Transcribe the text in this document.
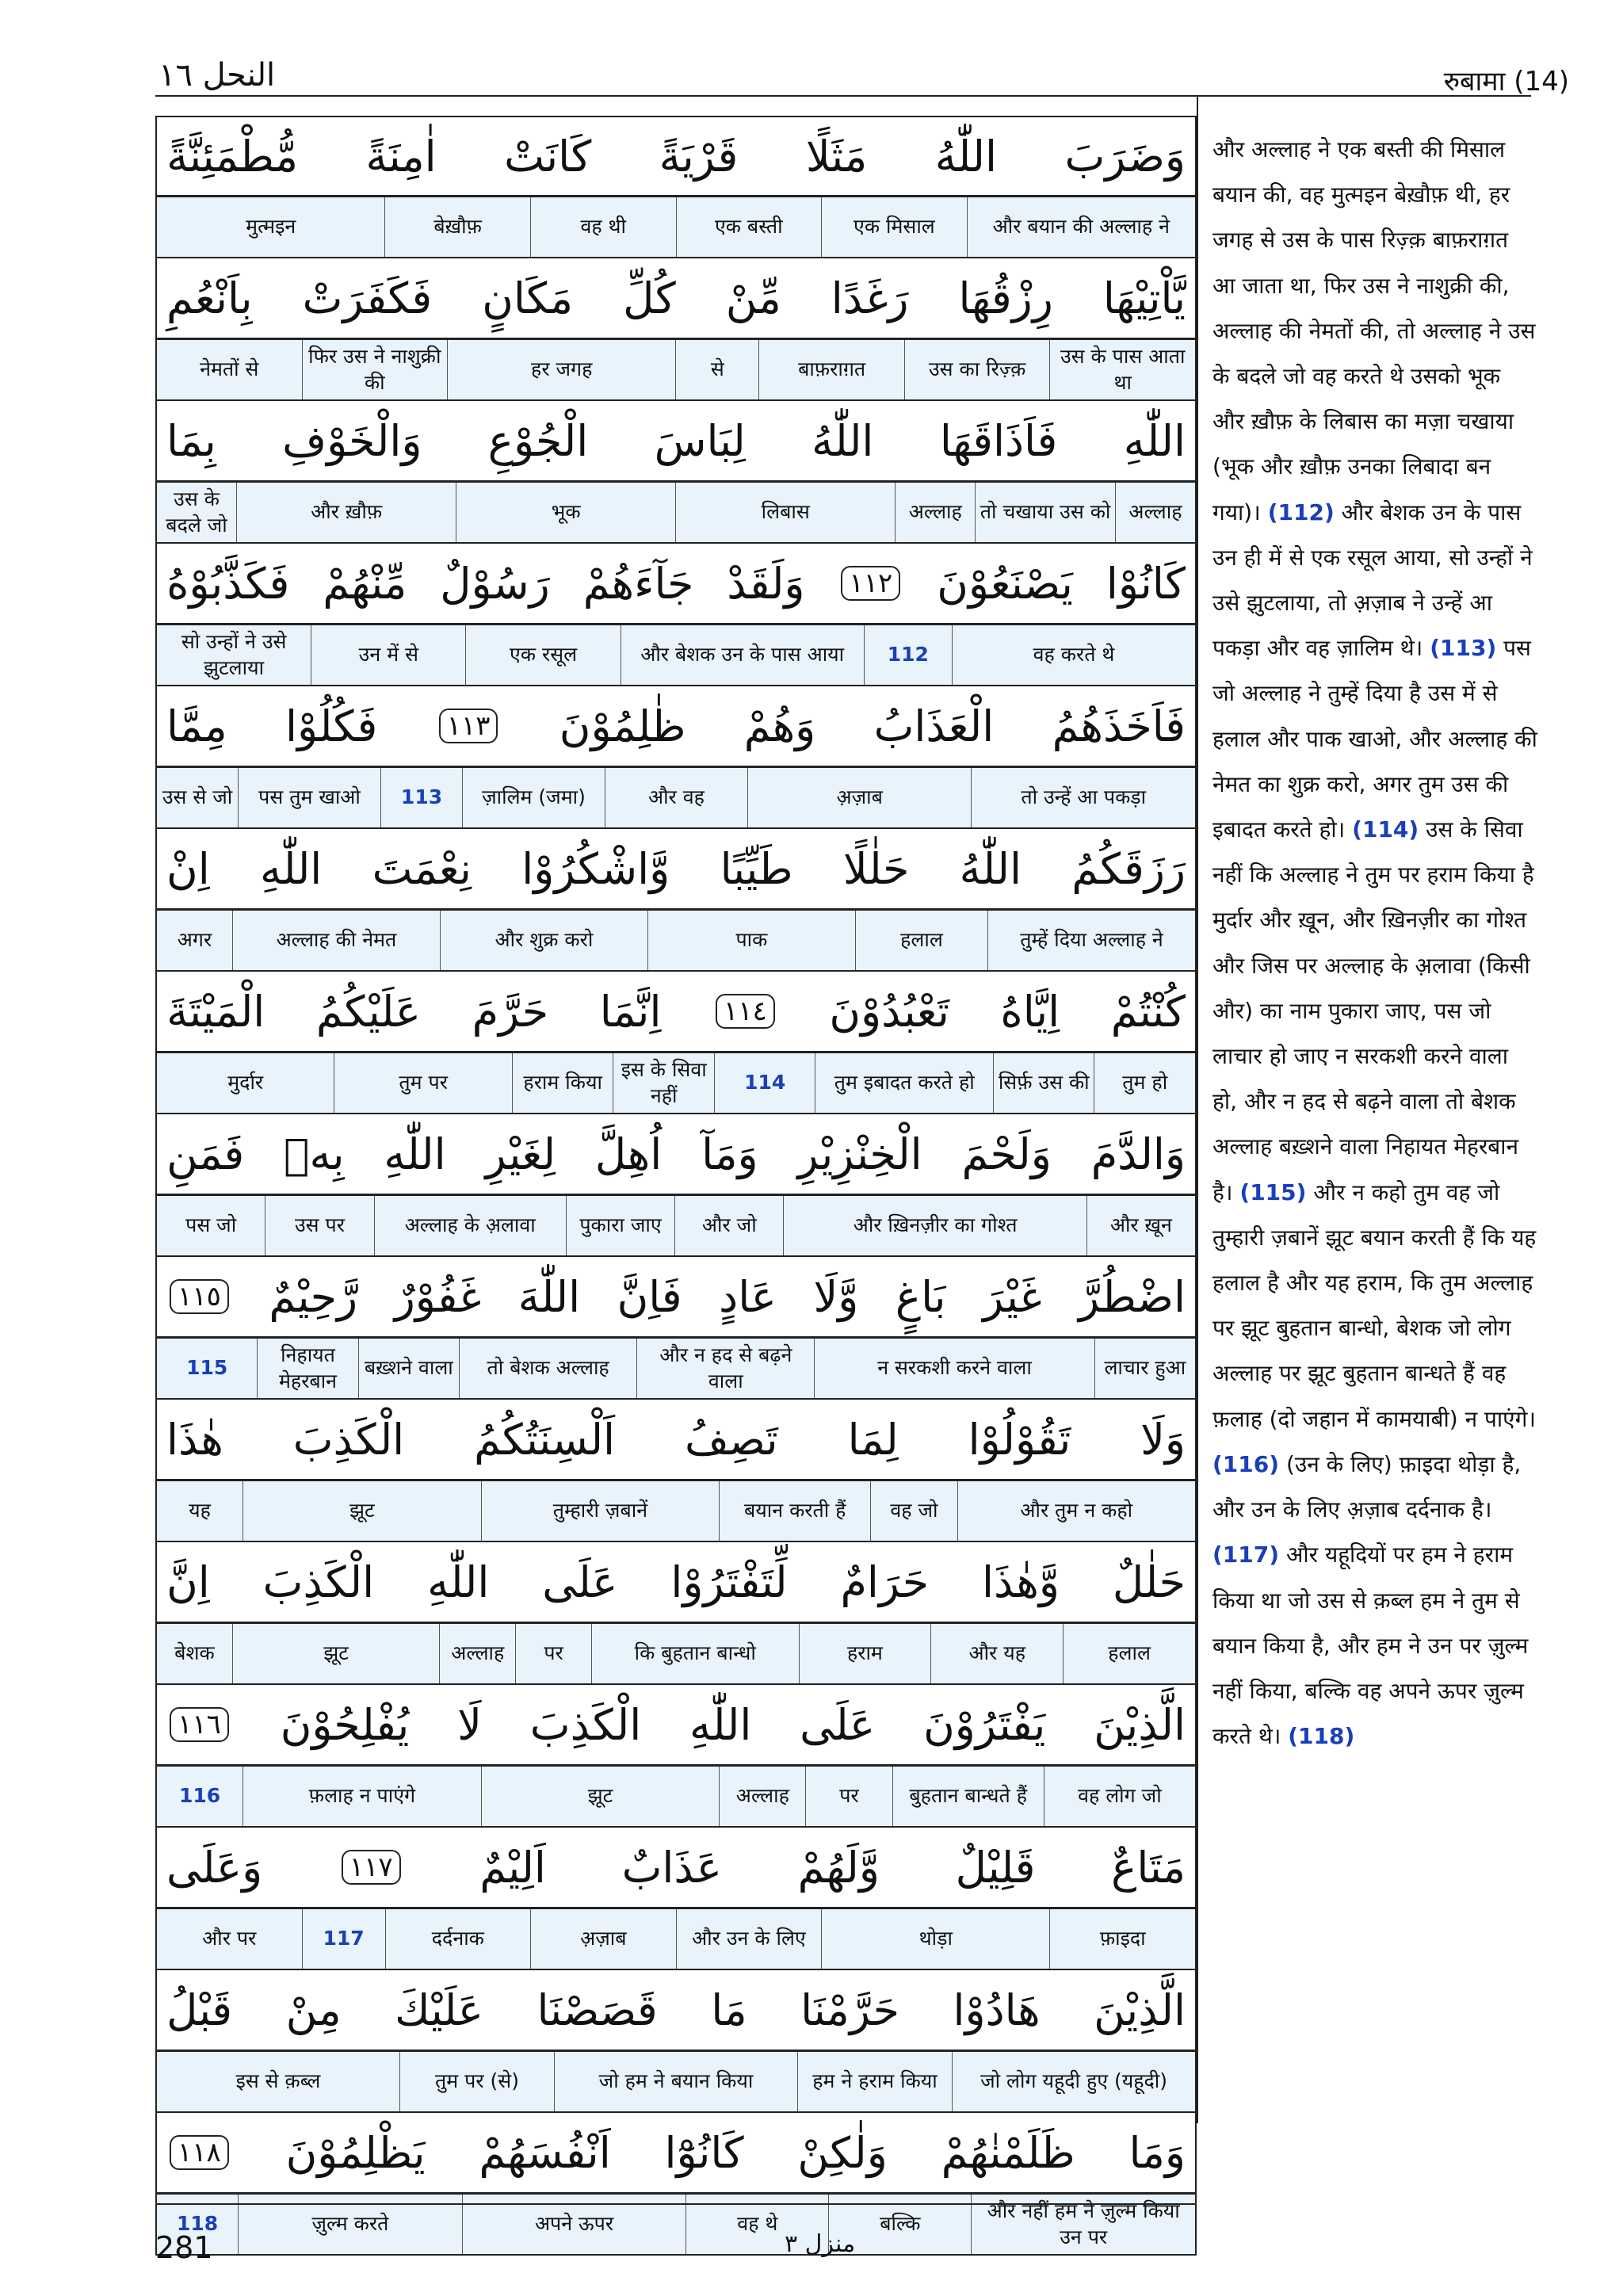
النحل ١٦	रुबामा (14)
وَضَرَبَ
اللّٰهُ
مَثَلًا
قَرْيَةً
كَانَتْ
اٰمِنَةً
مُّطْمَئِنَّةً
और बयान की अल्लाह ने
एक मिसाल
एक बस्ती
वह थी
बेख़ौफ़
मुत्मइन
يَّاْتِيْهَا
رِزْقُهَا
رَغَدًا
مِّنْ
كُلِّ
مَكَانٍ
فَكَفَرَتْ
بِاَنْعُمِ
उस के पास आता था
उस का रिज़्क़
बाफ़राग़त
से
हर जगह
फिर उस ने नाशुक्री की
नेमतों से
اللّٰهِ
فَاَذَاقَهَا
اللّٰهُ
لِبَاسَ
الْجُوْعِ
وَالْخَوْفِ
بِمَا
अल्लाह
तो चखाया उस को
अल्लाह
लिबास
भूक
और ख़ौफ़
उस के बदले जो
كَانُوْا
يَصْنَعُوْنَ
١١٢
وَلَقَدْ
جَآءَهُمْ
رَسُوْلٌ
مِّنْهُمْ
فَكَذَّبُوْهُ
वह करते थे
112
और बेशक उन के पास आया
एक रसूल
उन में से
सो उन्हों ने उसे झुटलाया
فَاَخَذَهُمُ
الْعَذَابُ
وَهُمْ
ظٰلِمُوْنَ
١١٣
فَكُلُوْا
مِمَّا
तो उन्हें आ पकड़ा
अ़ज़ाब
और वह
ज़ालिम (जमा)
113
पस तुम खाओ
उस से जो
رَزَقَكُمُ
اللّٰهُ
حَلٰلًا
طَيِّبًا
وَّاشْكُرُوْا
نِعْمَتَ
اللّٰهِ
اِنْ
तुम्हें दिया अल्लाह ने
हलाल
पाक
और शुक्र करो
अल्लाह की नेमत
अगर
كُنْتُمْ
اِيَّاهُ
تَعْبُدُوْنَ
١١٤
اِنَّمَا
حَرَّمَ
عَلَيْكُمُ
الْمَيْتَةَ
तुम हो
सिर्फ़ उस की
तुम इबादत करते हो
114
इस के सिवा नहीं
हराम किया
तुम पर
मुर्दार
وَالدَّمَ
وَلَحْمَ
الْخِنْزِيْرِ
وَمَآ
اُهِلَّ
لِغَيْرِ
اللّٰهِ
بِهٖ
فَمَنِ
और ख़ून
और ख़िनज़ीर का गोश्त
और जो
पुकारा जाए
अल्लाह के अ़लावा
उस पर
पस जो
اضْطُرَّ
غَيْرَ
بَاغٍ
وَّلَا
عَادٍ
فَاِنَّ
اللّٰهَ
غَفُوْرٌ
رَّحِيْمٌ
١١٥
लाचार हुआ
न सरकशी करने वाला
और न हद से बढ़ने वाला
तो बेशक अल्लाह
बख़्शने वाला
निहायत मेहरबान
115
وَلَا
تَقُوْلُوْا
لِمَا
تَصِفُ
اَلْسِنَتُكُمُ
الْكَذِبَ
هٰذَا
और तुम न कहो
वह जो
बयान करती हैं
तुम्हारी ज़बानें
झूट
यह
حَلٰلٌ
وَّهٰذَا
حَرَامٌ
لِّتَفْتَرُوْا
عَلَى
اللّٰهِ
الْكَذِبَ
اِنَّ
हलाल
और यह
हराम
कि बुहतान बान्धो
पर
अल्लाह
झूट
बेशक
الَّذِيْنَ
يَفْتَرُوْنَ
عَلَى
اللّٰهِ
الْكَذِبَ
لَا
يُفْلِحُوْنَ
١١٦
वह लोग जो
बुहतान बान्धते हैं
पर
अल्लाह
झूट
फ़लाह न पाएंगे
116
مَتَاعٌ
قَلِيْلٌ
وَّلَهُمْ
عَذَابٌ
اَلِيْمٌ
١١٧
وَعَلَى
फ़ाइदा
थोड़ा
और उन के लिए
अ़ज़ाब
दर्दनाक
117
और पर
الَّذِيْنَ
هَادُوْا
حَرَّمْنَا
مَا
قَصَصْنَا
عَلَيْكَ
مِنْ
قَبْلُ
जो लोग यहूदी हुए (यहूदी)
हम ने हराम किया
जो हम ने बयान किया
तुम पर (से)
इस से क़ब्ल
وَمَا
ظَلَمْنٰهُمْ
وَلٰكِنْ
كَانُوْٓا
اَنْفُسَهُمْ
يَظْلِمُوْنَ
١١٨
और नहीं हम ने ज़ुल्म किया उन पर
बल्कि
वह थे
अपने ऊपर
ज़ुल्म करते
118
और अल्लाह ने एक बस्ती की मिसाल बयान की, वह मुत्मइन बेख़ौफ़ थी, हर जगह से उस के पास रिज़्क़ बाफ़राग़त आ जाता था, फिर उस ने नाशुक्री की, अल्लाह की नेमतों की, तो अल्लाह ने उस के बदले जो वह करते थे उसको भूक और ख़ौफ़ के लिबास का मज़ा चखाया (भूक और ख़ौफ़ उनका लिबादा बन गया)। (112) और बेशक उन के पास उन ही में से एक रसूल आया, सो उन्हों ने उसे झुटलाया, तो अ़ज़ाब ने उन्हें आ पकड़ा और वह ज़ालिम थे। (113) पस जो अल्लाह ने तुम्हें दिया है उस में से हलाल और पाक खाओ, और अल्लाह की नेमत का शुक्र करो, अगर तुम उस की इबादत करते हो। (114) उस के सिवा नहीं कि अल्लाह ने तुम पर हराम किया है मुर्दार और ख़ून, और ख़िनज़ीर का गोश्त और जिस पर अल्लाह के अ़लावा (किसी और) का नाम पुकारा जाए, पस जो लाचार हो जाए न सरकशी करने वाला हो, और न हद से बढ़ने वाला तो बेशक अल्लाह बख़्शने वाला निहायत मेहरबान है। (115) और न कहो तुम वह जो तुम्हारी ज़बानें झूट बयान करती हैं कि यह हलाल है और यह हराम, कि तुम अल्लाह पर झूट बुहतान बान्धो, बेशक जो लोग अल्लाह पर झूट बुहतान बान्धते हैं वह फ़लाह (दो जहान में कामयाबी) न पाएंगे। (116) (उन के लिए) फ़ाइदा थोड़ा है, और उन के लिए अ़ज़ाब दर्दनाक है। (117) और यहूदियों पर हम ने हराम किया था जो उस से क़ब्ल हम ने तुम से बयान किया है, और हम ने उन पर ज़ुल्म नहीं किया, बल्कि वह अपने ऊपर ज़ुल्म करते थे। (118)
281	منزل ٣
